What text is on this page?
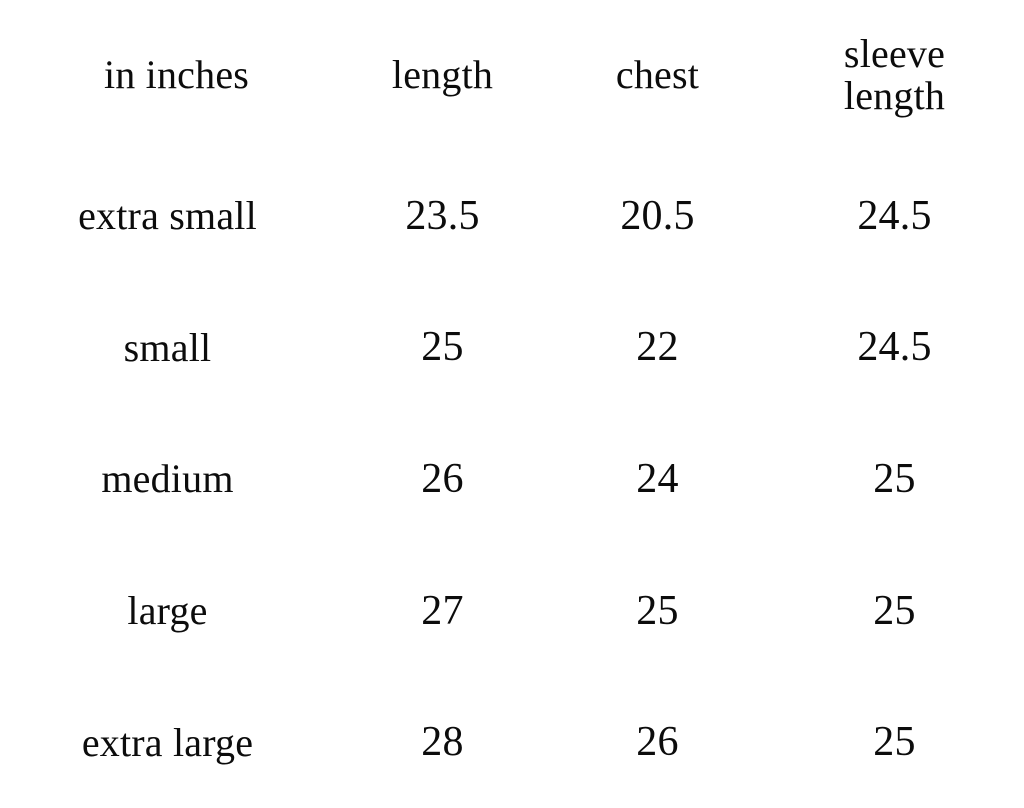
in inches	length	chest	sleeve
length

extra small	23.5	20.5	24.5
small	25	22	24.5
medium	26	24	25
large	27	25	25
extra large	28	26	25
